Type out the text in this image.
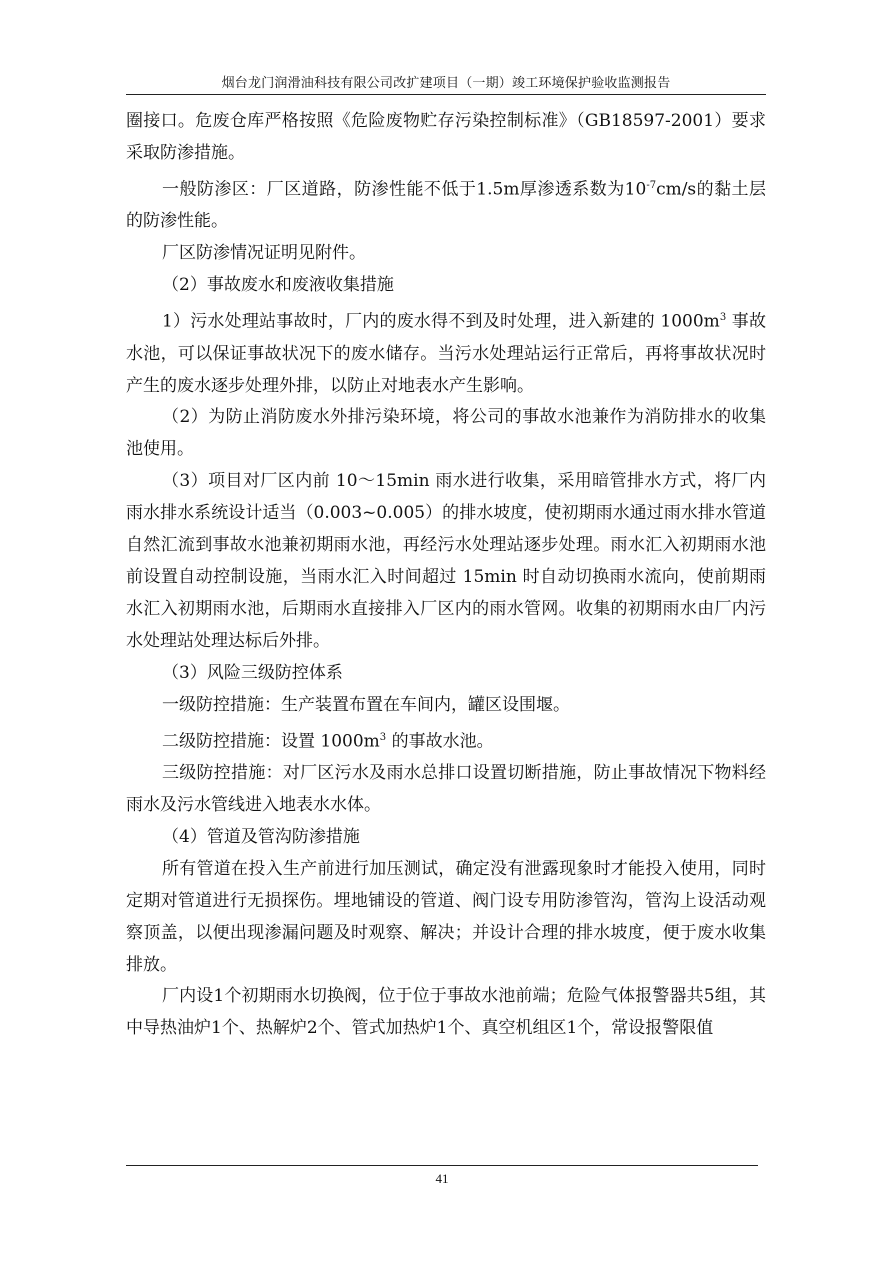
烟台龙门润滑油科技有限公司改扩建项目（一期）竣工环境保护验收监测报告

圈接口。危废仓库严格按照《危险废物贮存污染控制标准》（GB18597-2001）要求采取防渗措施。

一般防渗区：厂区道路，防渗性能不低于1.5m厚渗透系数为$10^{-7}cm/s$的黏土层的防渗性能。

厂区防渗情况证明见附件。

（2）事故废水和废液收集措施

1）污水处理站事故时，厂内的废水得不到及时处理，进入新建的 $1000m^3$ 事故水池，可以保证事故状况下的废水储存。当污水处理站运行正常后，再将事故状况时产生的废水逐步处理外排，以防止对地表水产生影响。

（2）为防止消防废水外排污染环境，将公司的事故水池兼作为消防排水的收集池使用。

（3）项目对厂区内前 10～15min 雨水进行收集，采用暗管排水方式，将厂内雨水排水系统设计适当（0.003~0.005）的排水坡度，使初期雨水通过雨水排水管道自然汇流到事故水池兼初期雨水池，再经污水处理站逐步处理。雨水汇入初期雨水池前设置自动控制设施，当雨水汇入时间超过 15min 时自动切换雨水流向，使前期雨水汇入初期雨水池，后期雨水直接排入厂区内的雨水管网。收集的初期雨水由厂内污水处理站处理达标后外排。

（3）风险三级防控体系

一级防控措施：生产装置布置在车间内，罐区设围堰。

二级防控措施：设置 $1000m^3$ 的事故水池。

三级防控措施：对厂区污水及雨水总排口设置切断措施，防止事故情况下物料经雨水及污水管线进入地表水水体。

（4）管道及管沟防渗措施

所有管道在投入生产前进行加压测试，确定没有泄露现象时才能投入使用，同时定期对管道进行无损探伤。埋地铺设的管道、阀门设专用防渗管沟，管沟上设活动观察顶盖，以便出现渗漏问题及时观察、解决；并设计合理的排水坡度，便于废水收集排放。

厂内设1个初期雨水切换阀，位于位于事故水池前端；危险气体报警器共5组，其中导热油炉1个、热解炉2个、管式加热炉1个、真空机组区1个，常设报警限值

41
